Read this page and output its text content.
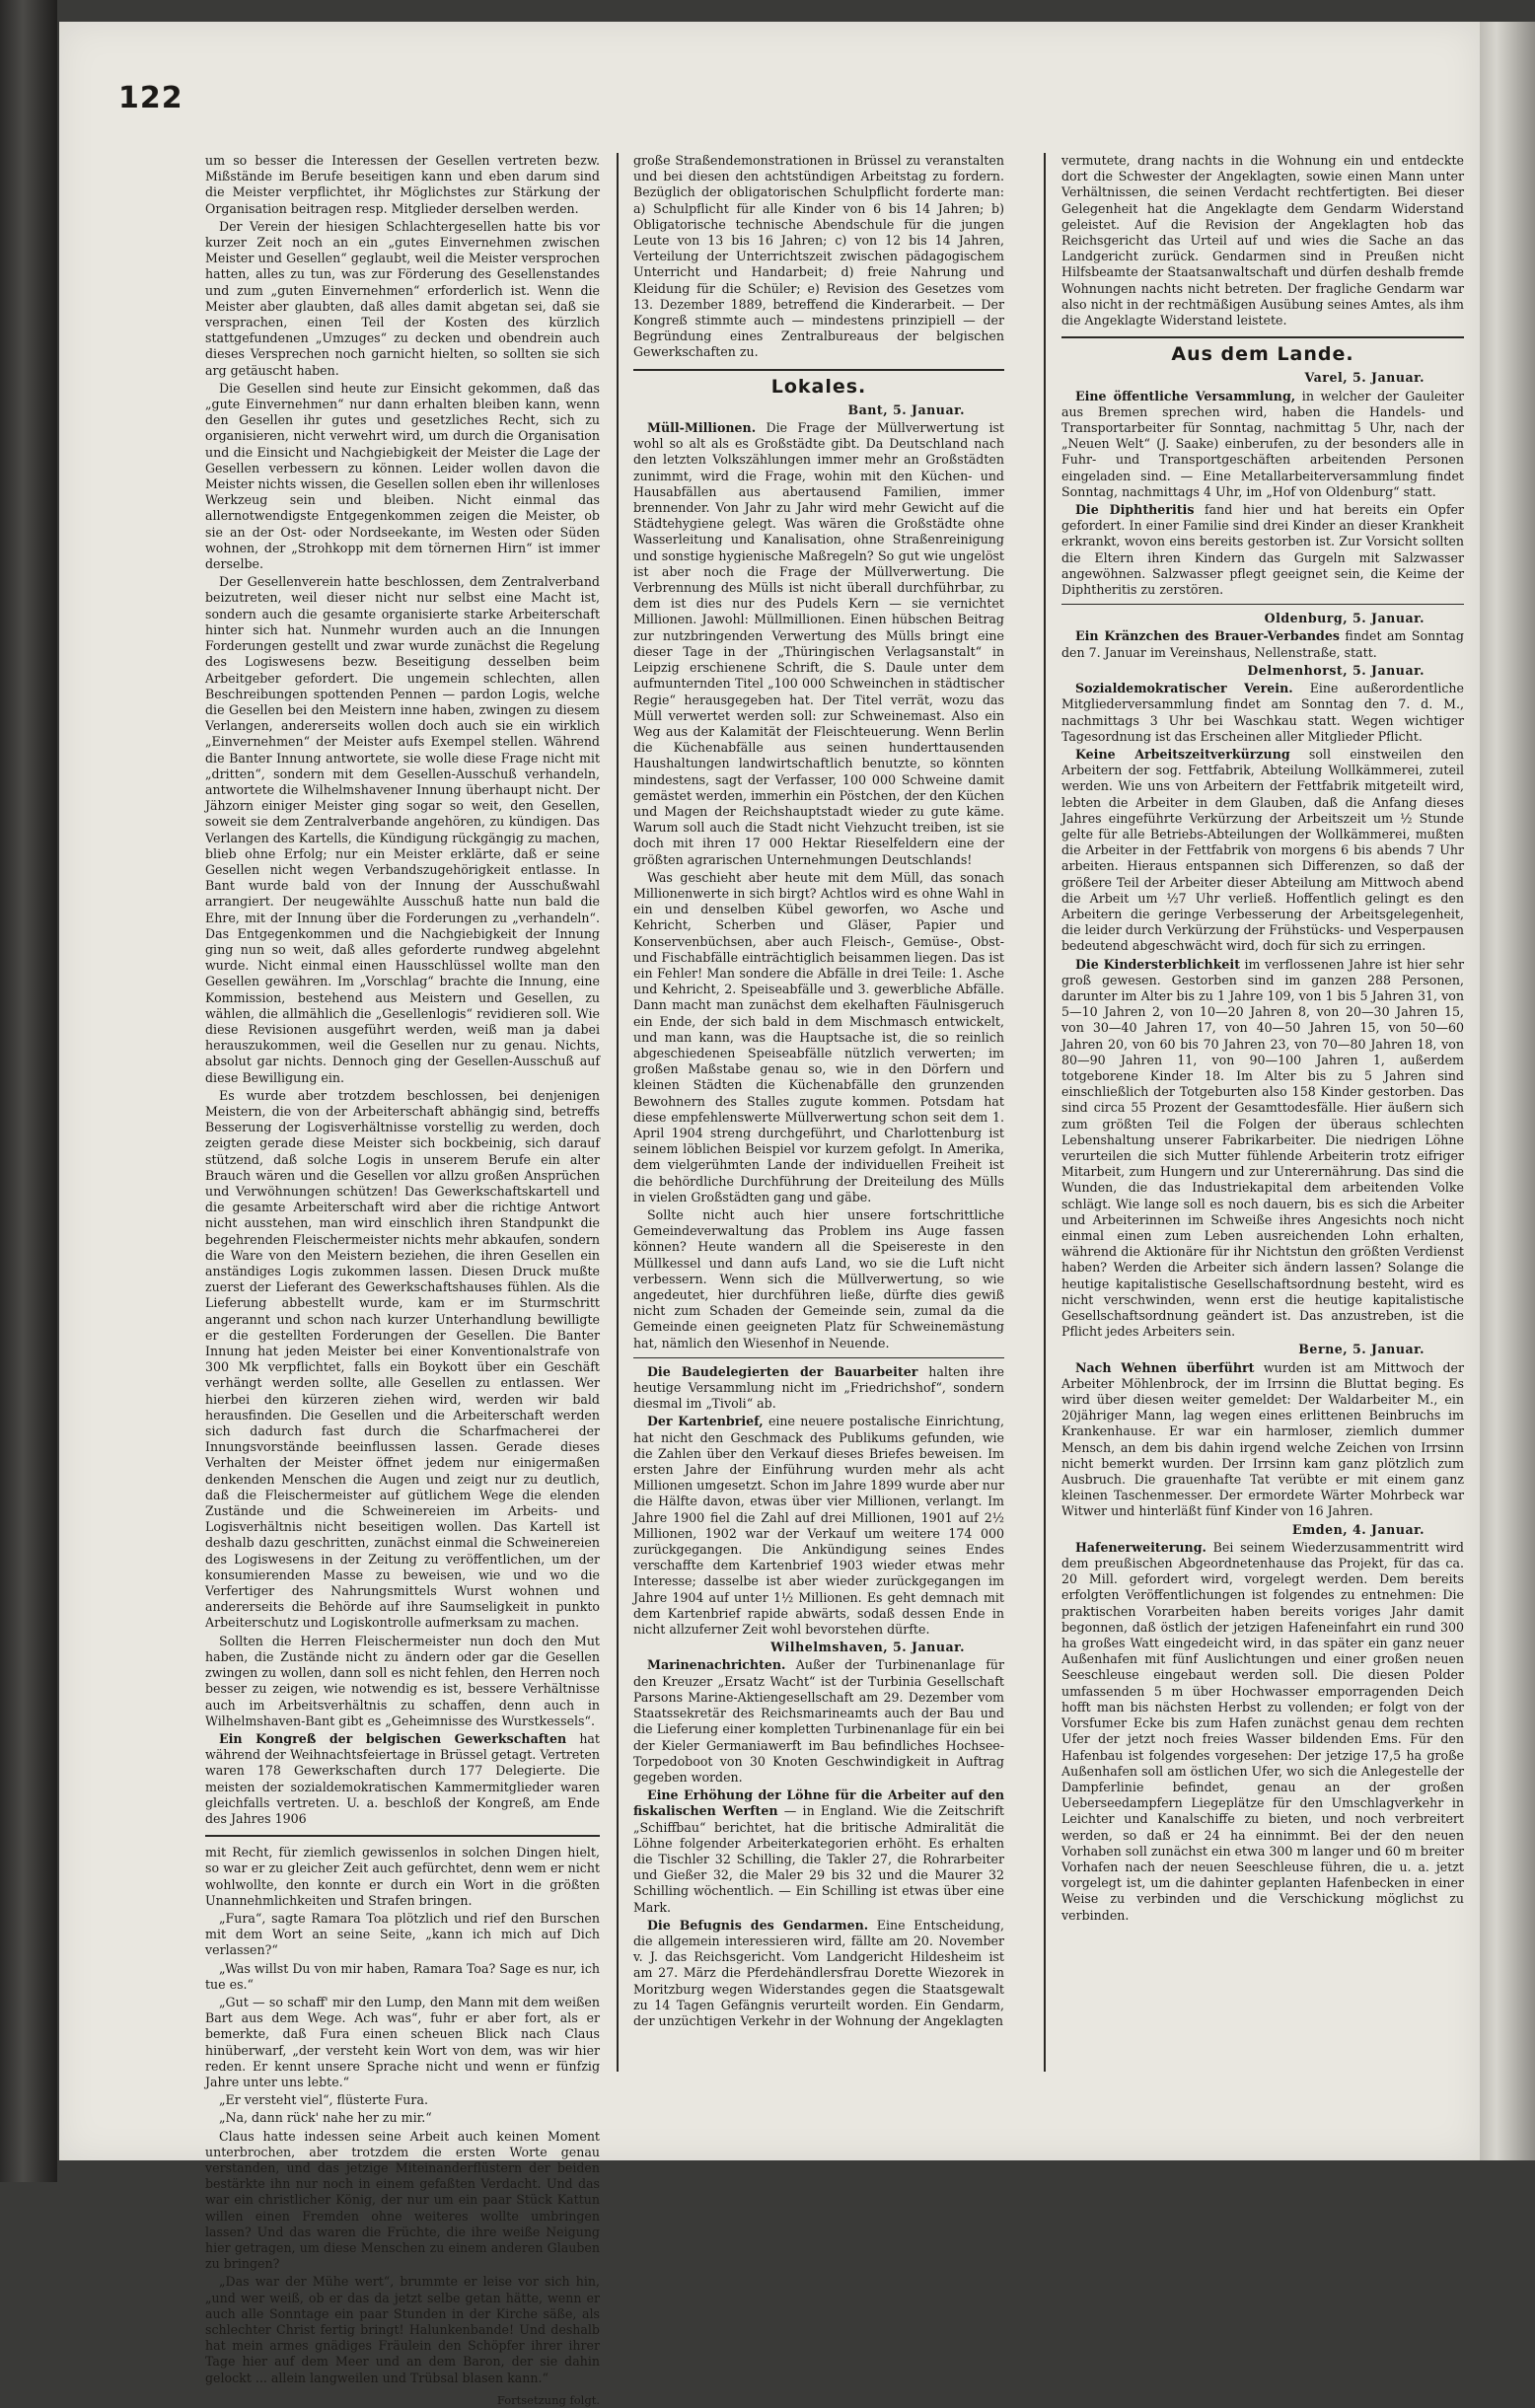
122

um so besser die Interessen der Gesellen vertreten bezw. Mißstände im Berufe beseitigen kann und eben darum sind die Meister verpflichtet, ihr Möglichstes zur Stärkung der Organisation beitragen resp. Mitglieder derselben werden.

Der Verein der hiesigen Schlachtergesellen hatte bis vor kurzer Zeit noch an ein „gutes Einvernehmen zwischen Meister und Gesellen“ geglaubt, weil die Meister versprochen hatten, alles zu tun, was zur Förderung des Gesellenstandes und zum „guten Einvernehmen“ erforderlich ist. Wenn die Meister aber glaubten, daß alles damit abgetan sei, daß sie versprachen, einen Teil der Kosten des kürzlich stattgefundenen „Umzuges“ zu decken und obendrein auch dieses Versprechen noch garnicht hielten, so sollten sie sich arg getäuscht haben.

Die Gesellen sind heute zur Einsicht gekommen, daß das „gute Einvernehmen“ nur dann erhalten bleiben kann, wenn den Gesellen ihr gutes und gesetzliches Recht, sich zu organisieren, nicht verwehrt wird, um durch die Organisation und die Einsicht und Nachgiebigkeit der Meister die Lage der Gesellen verbessern zu können. Leider wollen davon die Meister nichts wissen, die Gesellen sollen eben ihr willenloses Werkzeug sein und bleiben. Nicht einmal das allernotwendigste Entgegenkommen zeigen die Meister, ob sie an der Ost- oder Nordseekante, im Westen oder Süden wohnen, der „Strohkopp mit dem törnernen Hirn“ ist immer derselbe.

Der Gesellenverein hatte beschlossen, dem Zentralverband beizutreten, weil dieser nicht nur selbst eine Macht ist, sondern auch die gesamte organisierte starke Arbeiterschaft hinter sich hat. Nunmehr wurden auch an die Innungen Forderungen gestellt und zwar wurde zunächst die Regelung des Logiswesens bezw. Beseitigung desselben beim Arbeitgeber gefordert. Die ungemein schlechten, allen Beschreibungen spottenden Pennen — pardon Logis, welche die Gesellen bei den Meistern inne haben, zwingen zu diesem Verlangen, andererseits wollen doch auch sie ein wirklich „Einvernehmen“ der Meister aufs Exempel stellen. Während die Banter Innung antwortete, sie wolle diese Frage nicht mit „dritten“, sondern mit dem Gesellen-Ausschuß verhandeln, antwortete die Wilhelmshavener Innung überhaupt nicht. Der Jähzorn einiger Meister ging sogar so weit, den Gesellen, soweit sie dem Zentralverbande angehören, zu kündigen. Das Verlangen des Kartells, die Kündigung rückgängig zu machen, blieb ohne Erfolg; nur ein Meister erklärte, daß er seine Gesellen nicht wegen Verbandszugehörigkeit entlasse. In Bant wurde bald von der Innung der Ausschußwahl arrangiert. Der neugewählte Ausschuß hatte nun bald die Ehre, mit der Innung über die Forderungen zu „verhandeln“. Das Entgegenkommen und die Nachgiebigkeit der Innung ging nun so weit, daß alles geforderte rundweg abgelehnt wurde. Nicht einmal einen Hausschlüssel wollte man den Gesellen gewähren. Im „Vorschlag“ brachte die Innung, eine Kommission, bestehend aus Meistern und Gesellen, zu wählen, die allmählich die „Gesellenlogis“ revidieren soll. Wie diese Revisionen ausgeführt werden, weiß man ja dabei herauszukommen, weil die Gesellen nur zu genau. Nichts, absolut gar nichts. Dennoch ging der Gesellen-Ausschuß auf diese Bewilligung ein.

Es wurde aber trotzdem beschlossen, bei denjenigen Meistern, die von der Arbeiterschaft abhängig sind, betreffs Besserung der Logisverhältnisse vorstellig zu werden, doch zeigten gerade diese Meister sich bockbeinig, sich darauf stützend, daß solche Logis in unserem Berufe ein alter Brauch wären und die Gesellen vor allzu großen Ansprüchen und Verwöhnungen schützen! Das Gewerkschaftskartell und die gesamte Arbeiterschaft wird aber die richtige Antwort nicht ausstehen, man wird einschlich ihren Standpunkt die begehrenden Fleischermeister nichts mehr abkaufen, sondern die Ware von den Meistern beziehen, die ihren Gesellen ein anständiges Logis zukommen lassen. Diesen Druck mußte zuerst der Lieferant des Gewerkschaftshauses fühlen. Als die Lieferung abbestellt wurde, kam er im Sturmschritt angerannt und schon nach kurzer Unterhandlung bewilligte er die gestellten Forderungen der Gesellen. Die Banter Innung hat jeden Meister bei einer Konventionalstrafe von 300 Mk verpflichtet, falls ein Boykott über ein Geschäft verhängt werden sollte, alle Gesellen zu entlassen. Wer hierbei den kürzeren ziehen wird, werden wir bald herausfinden. Die Gesellen und die Arbeiterschaft werden sich dadurch fast durch die Scharfmacherei der Innungsvorstände beeinflussen lassen. Gerade dieses Verhalten der Meister öffnet jedem nur einigermaßen denkenden Menschen die Augen und zeigt nur zu deutlich, daß die Fleischermeister auf gütlichem Wege die elenden Zustände und die Schweinereien im Arbeits- und Logisverhältnis nicht beseitigen wollen. Das Kartell ist deshalb dazu geschritten, zunächst einmal die Schweinereien des Logiswesens in der Zeitung zu veröffentlichen, um der konsumierenden Masse zu beweisen, wie und wo die Verfertiger des Nahrungsmittels Wurst wohnen und andererseits die Behörde auf ihre Saumseligkeit in punkto Arbeiterschutz und Logiskontrolle aufmerksam zu machen.

Sollten die Herren Fleischermeister nun doch den Mut haben, die Zustände nicht zu ändern oder gar die Gesellen zwingen zu wollen, dann soll es nicht fehlen, den Herren noch besser zu zeigen, wie notwendig es ist, bessere Verhältnisse auch im Arbeitsverhältnis zu schaffen, denn auch in Wilhelmshaven-Bant gibt es „Geheimnisse des Wurstkessels“.

Ein Kongreß der belgischen Gewerkschaften hat während der Weihnachtsfeiertage in Brüssel getagt. Vertreten waren 178 Gewerkschaften durch 177 Delegierte. Die meisten der sozialdemokratischen Kammermitglieder waren gleichfalls vertreten. U. a. beschloß der Kongreß, am Ende des Jahres 1906

mit Recht, für ziemlich gewissenlos in solchen Dingen hielt, so war er zu gleicher Zeit auch gefürchtet, denn wem er nicht wohlwollte, den konnte er durch ein Wort in die größten Unannehmlichkeiten und Strafen bringen.

„Fura“, sagte Ramara Toa plötzlich und rief den Burschen mit dem Wort an seine Seite, „kann ich mich auf Dich verlassen?“

„Was willst Du von mir haben, Ramara Toa? Sage es nur, ich tue es.“

„Gut — so schaff' mir den Lump, den Mann mit dem weißen Bart aus dem Wege. Ach was“, fuhr er aber fort, als er bemerkte, daß Fura einen scheuen Blick nach Claus hinüberwarf, „der versteht kein Wort von dem, was wir hier reden. Er kennt unsere Sprache nicht und wenn er fünfzig Jahre unter uns lebte.“

„Er versteht viel“, flüsterte Fura.

„Na, dann rück' nahe her zu mir.“

Claus hatte indessen seine Arbeit auch keinen Moment unterbrochen, aber trotzdem die ersten Worte genau verstanden, und das jetzige Miteinanderflüstern der beiden bestärkte ihn nur noch in einem gefaßten Verdacht. Und das war ein christlicher König, der nur um ein paar Stück Kattun willen einen Fremden ohne weiteres wollte umbringen lassen? Und das waren die Früchte, die ihre weiße Neigung hier getragen, um diese Menschen zu einem anderen Glauben zu bringen?

„Das war der Mühe wert“, brummte er leise vor sich hin, „und wer weiß, ob er das da jetzt selbe getan hätte, wenn er auch alle Sonntage ein paar Stunden in der Kirche säße, als schlechter Christ fertig bringt! Halunkenbande! Und deshalb hat mein armes gnädiges Fräulein den Schöpfer ihrer ihrer Tage hier auf dem Meer und an dem Baron, der sie dahin gelockt ... allein langweilen und Trübsal blasen kann.“

Fortsetzung folgt.

große Straßendemonstrationen in Brüssel zu veranstalten und bei diesen den achtstündigen Arbeitstag zu fordern. Bezüglich der obligatorischen Schulpflicht forderte man: a) Schulpflicht für alle Kinder von 6 bis 14 Jahren; b) Obligatorische technische Abendschule für die jungen Leute von 13 bis 16 Jahren; c) von 12 bis 14 Jahren, Verteilung der Unterrichtszeit zwischen pädagogischem Unterricht und Handarbeit; d) freie Nahrung und Kleidung für die Schüler; e) Revision des Gesetzes vom 13. Dezember 1889, betreffend die Kinderarbeit. — Der Kongreß stimmte auch — mindestens prinzipiell — der Begründung eines Zentralbureaus der belgischen Gewerkschaften zu.

Lokales.
Bant, 5. Januar.

Müll-Millionen. Die Frage der Müllverwertung ist wohl so alt als es Großstädte gibt. Da Deutschland nach den letzten Volkszählungen immer mehr an Großstädten zunimmt, wird die Frage, wohin mit den Küchen- und Hausabfällen aus abertausend Familien, immer brennender. Von Jahr zu Jahr wird mehr Gewicht auf die Städtehygiene gelegt. Was wären die Großstädte ohne Wasserleitung und Kanalisation, ohne Straßenreinigung und sonstige hygienische Maßregeln? So gut wie ungelöst ist aber noch die Frage der Müllverwertung. Die Verbrennung des Mülls ist nicht überall durchführbar, zu dem ist dies nur des Pudels Kern — sie vernichtet Millionen. Jawohl: Müllmillionen. Einen hübschen Beitrag zur nutzbringenden Verwertung des Mülls bringt eine dieser Tage in der „Thüringischen Verlagsanstalt“ in Leipzig erschienene Schrift, die S. Daule unter dem aufmunternden Titel „100 000 Schweinchen in städtischer Regie“ herausgegeben hat. Der Titel verrät, wozu das Müll verwertet werden soll: zur Schweinemast. Also ein Weg aus der Kalamität der Fleischteuerung. Wenn Berlin die Küchenabfälle aus seinen hunderttausenden Haushaltungen landwirtschaftlich benutzte, so könnten mindestens, sagt der Verfasser, 100 000 Schweine damit gemästet werden, immerhin ein Pöstchen, der den Küchen und Magen der Reichshauptstadt wieder zu gute käme. Warum soll auch die Stadt nicht Viehzucht treiben, ist sie doch mit ihren 17 000 Hektar Rieselfeldern eine der größten agrarischen Unternehmungen Deutschlands!

Was geschieht aber heute mit dem Müll, das sonach Millionenwerte in sich birgt? Achtlos wird es ohne Wahl in ein und denselben Kübel geworfen, wo Asche und Kehricht, Scherben und Gläser, Papier und Konservenbüchsen, aber auch Fleisch-, Gemüse-, Obst- und Fischabfälle einträchtiglich beisammen liegen. Das ist ein Fehler! Man sondere die Abfälle in drei Teile: 1. Asche und Kehricht, 2. Speiseabfälle und 3. gewerbliche Abfälle. Dann macht man zunächst dem ekelhaften Fäulnisgeruch ein Ende, der sich bald in dem Mischmasch entwickelt, und man kann, was die Hauptsache ist, die so reinlich abgeschiedenen Speiseabfälle nützlich verwerten; im großen Maßstabe genau so, wie in den Dörfern und kleinen Städten die Küchenabfälle den grunzenden Bewohnern des Stalles zugute kommen. Potsdam hat diese empfehlenswerte Müllverwertung schon seit dem 1. April 1904 streng durchgeführt, und Charlottenburg ist seinem löblichen Beispiel vor kurzem gefolgt. In Amerika, dem vielgerühmten Lande der individuellen Freiheit ist die behördliche Durchführung der Dreiteilung des Mülls in vielen Großstädten gang und gäbe.

Sollte nicht auch hier unsere fortschrittliche Gemeindeverwaltung das Problem ins Auge fassen können? Heute wandern all die Speisereste in den Müllkessel und dann aufs Land, wo sie die Luft nicht verbessern. Wenn sich die Müllverwertung, so wie angedeutet, hier durchführen ließe, dürfte dies gewiß nicht zum Schaden der Gemeinde sein, zumal da die Gemeinde einen geeigneten Platz für Schweinemästung hat, nämlich den Wiesenhof in Neuende.

Die Baudelegierten der Bauarbeiter halten ihre heutige Versammlung nicht im „Friedrichshof“, sondern diesmal im „Tivoli“ ab.

Der Kartenbrief, eine neuere postalische Einrichtung, hat nicht den Geschmack des Publikums gefunden, wie die Zahlen über den Verkauf dieses Briefes beweisen. Im ersten Jahre der Einführung wurden mehr als acht Millionen umgesetzt. Schon im Jahre 1899 wurde aber nur die Hälfte davon, etwas über vier Millionen, verlangt. Im Jahre 1900 fiel die Zahl auf drei Millionen, 1901 auf 2½ Millionen, 1902 war der Verkauf um weitere 174 000 zurückgegangen. Die Ankündigung seines Endes verschaffte dem Kartenbrief 1903 wieder etwas mehr Interesse; dasselbe ist aber wieder zurückgegangen im Jahre 1904 auf unter 1½ Millionen. Es geht demnach mit dem Kartenbrief rapide abwärts, sodaß dessen Ende in nicht allzuferner Zeit wohl bevorstehen dürfte.

Wilhelmshaven, 5. Januar.

Marinenachrichten. Außer der Turbinenanlage für den Kreuzer „Ersatz Wacht“ ist der Turbinia Gesellschaft Parsons Marine-Aktiengesellschaft am 29. Dezember vom Staatssekretär des Reichsmarineamts auch der Bau und die Lieferung einer kompletten Turbinenanlage für ein bei der Kieler Germaniawerft im Bau befindliches Hochsee-Torpedoboot von 30 Knoten Geschwindigkeit in Auftrag gegeben worden.

Eine Erhöhung der Löhne für die Arbeiter auf den fiskalischen Werften — in England. Wie die Zeitschrift „Schiffbau“ berichtet, hat die britische Admiralität die Löhne folgender Arbeiterkategorien erhöht. Es erhalten die Tischler 32 Schilling, die Takler 27, die Rohrarbeiter und Gießer 32, die Maler 29 bis 32 und die Maurer 32 Schilling wöchentlich. — Ein Schilling ist etwas über eine Mark.

Die Befugnis des Gendarmen. Eine Entscheidung, die allgemein interessieren wird, fällte am 20. November v. J. das Reichsgericht. Vom Landgericht Hildesheim ist am 27. März die Pferdehändlersfrau Dorette Wiezorek in Moritzburg wegen Widerstandes gegen die Staatsgewalt zu 14 Tagen Gefängnis verurteilt worden. Ein Gendarm, der unzüchtigen Verkehr in der Wohnung der Angeklagten

vermutete, drang nachts in die Wohnung ein und entdeckte dort die Schwester der Angeklagten, sowie einen Mann unter Verhältnissen, die seinen Verdacht rechtfertigten. Bei dieser Gelegenheit hat die Angeklagte dem Gendarm Widerstand geleistet. Auf die Revision der Angeklagten hob das Reichsgericht das Urteil auf und wies die Sache an das Landgericht zurück. Gendarmen sind in Preußen nicht Hilfsbeamte der Staatsanwaltschaft und dürfen deshalb fremde Wohnungen nachts nicht betreten. Der fragliche Gendarm war also nicht in der rechtmäßigen Ausübung seines Amtes, als ihm die Angeklagte Widerstand leistete.

Aus dem Lande.
Varel, 5. Januar.

Eine öffentliche Versammlung, in welcher der Gauleiter aus Bremen sprechen wird, haben die Handels- und Transportarbeiter für Sonntag, nachmittag 5 Uhr, nach der „Neuen Welt“ (J. Saake) einberufen, zu der besonders alle in Fuhr- und Transportgeschäften arbeitenden Personen eingeladen sind. — Eine Metallarbeiterversammlung findet Sonntag, nachmittags 4 Uhr, im „Hof von Oldenburg“ statt.

Die Diphtheritis fand hier und hat bereits ein Opfer gefordert. In einer Familie sind drei Kinder an dieser Krankheit erkrankt, wovon eins bereits gestorben ist. Zur Vorsicht sollten die Eltern ihren Kindern das Gurgeln mit Salzwasser angewöhnen. Salzwasser pflegt geeignet sein, die Keime der Diphtheritis zu zerstören.

Oldenburg, 5. Januar.

Ein Kränzchen des Brauer-Verbandes findet am Sonntag den 7. Januar im Vereinshaus, Nellenstraße, statt.

Delmenhorst, 5. Januar.

Sozialdemokratischer Verein. Eine außerordentliche Mitgliederversammlung findet am Sonntag den 7. d. M., nachmittags 3 Uhr bei Waschkau statt. Wegen wichtiger Tagesordnung ist das Erscheinen aller Mitglieder Pflicht.

Keine Arbeitszeitverkürzung soll einstweilen den Arbeitern der sog. Fettfabrik, Abteilung Wollkämmerei, zuteil werden. Wie uns von Arbeitern der Fettfabrik mitgeteilt wird, lebten die Arbeiter in dem Glauben, daß die Anfang dieses Jahres eingeführte Verkürzung der Arbeitszeit um ½ Stunde gelte für alle Betriebs-Abteilungen der Wollkämmerei, mußten die Arbeiter in der Fettfabrik von morgens 6 bis abends 7 Uhr arbeiten. Hieraus entspannen sich Differenzen, so daß der größere Teil der Arbeiter dieser Abteilung am Mittwoch abend die Arbeit um ½7 Uhr verließ. Hoffentlich gelingt es den Arbeitern die geringe Verbesserung der Arbeitsgelegenheit, die leider durch Verkürzung der Frühstücks- und Vesperpausen bedeutend abgeschwächt wird, doch für sich zu erringen.

Die Kindersterblichkeit im verflossenen Jahre ist hier sehr groß gewesen. Gestorben sind im ganzen 288 Personen, darunter im Alter bis zu 1 Jahre 109, von 1 bis 5 Jahren 31, von 5—10 Jahren 2, von 10—20 Jahren 8, von 20—30 Jahren 15, von 30—40 Jahren 17, von 40—50 Jahren 15, von 50—60 Jahren 20, von 60 bis 70 Jahren 23, von 70—80 Jahren 18, von 80—90 Jahren 11, von 90—100 Jahren 1, außerdem totgeborene Kinder 18. Im Alter bis zu 5 Jahren sind einschließlich der Totgeburten also 158 Kinder gestorben. Das sind circa 55 Prozent der Gesamttodesfälle. Hier äußern sich zum größten Teil die Folgen der überaus schlechten Lebenshaltung unserer Fabrikarbeiter. Die niedrigen Löhne verurteilen die sich Mutter fühlende Arbeiterin trotz eifriger Mitarbeit, zum Hungern und zur Unterernährung. Das sind die Wunden, die das Industriekapital dem arbeitenden Volke schlägt. Wie lange soll es noch dauern, bis es sich die Arbeiter und Arbeiterinnen im Schweiße ihres Angesichts noch nicht einmal einen zum Leben ausreichenden Lohn erhalten, während die Aktionäre für ihr Nichtstun den größten Verdienst haben? Werden die Arbeiter sich ändern lassen? Solange die heutige kapitalistische Gesellschaftsordnung besteht, wird es nicht verschwinden, wenn erst die heutige kapitalistische Gesellschaftsordnung geändert ist. Das anzustreben, ist die Pflicht jedes Arbeiters sein.

Berne, 5. Januar.

Nach Wehnen überführt wurden ist am Mittwoch der Arbeiter Möhlenbrock, der im Irrsinn die Bluttat beging. Es wird über diesen weiter gemeldet: Der Waldarbeiter M., ein 20jähriger Mann, lag wegen eines erlittenen Beinbruchs im Krankenhause. Er war ein harmloser, ziemlich dummer Mensch, an dem bis dahin irgend welche Zeichen von Irrsinn nicht bemerkt wurden. Der Irrsinn kam ganz plötzlich zum Ausbruch. Die grauenhafte Tat verübte er mit einem ganz kleinen Taschenmesser. Der ermordete Wärter Mohrbeck war Witwer und hinterläßt fünf Kinder von 16 Jahren.

Emden, 4. Januar.

Hafenerweiterung. Bei seinem Wiederzusammentritt wird dem preußischen Abgeordnetenhause das Projekt, für das ca. 20 Mill. gefordert wird, vorgelegt werden. Dem bereits erfolgten Veröffentlichungen ist folgendes zu entnehmen: Die praktischen Vorarbeiten haben bereits voriges Jahr damit begonnen, daß östlich der jetzigen Hafeneinfahrt ein rund 300 ha großes Watt eingedeicht wird, in das später ein ganz neuer Außenhafen mit fünf Auslichtungen und einer großen neuen Seeschleuse eingebaut werden soll. Die diesen Polder umfassenden 5 m über Hochwasser emporragenden Deich hofft man bis nächsten Herbst zu vollenden; er folgt von der Vorsfumer Ecke bis zum Hafen zunächst genau dem rechten Ufer der jetzt noch freies Wasser bildenden Ems. Für den Hafenbau ist folgendes vorgesehen: Der jetzige 17,5 ha große Außenhafen soll am östlichen Ufer, wo sich die Anlegestelle der Dampferlinie befindet, genau an der großen Ueberseedampfern Liegeplätze für den Umschlagverkehr in Leichter und Kanalschiffe zu bieten, und noch verbreitert werden, so daß er 24 ha einnimmt. Bei der den neuen Vorhaben soll zunächst ein etwa 300 m langer und 60 m breiter Vorhafen nach der neuen Seeschleuse führen, die u. a. jetzt vorgelegt ist, um die dahinter geplanten Hafenbecken in einer Weise zu verbinden und die Verschickung möglichst zu verbinden.
